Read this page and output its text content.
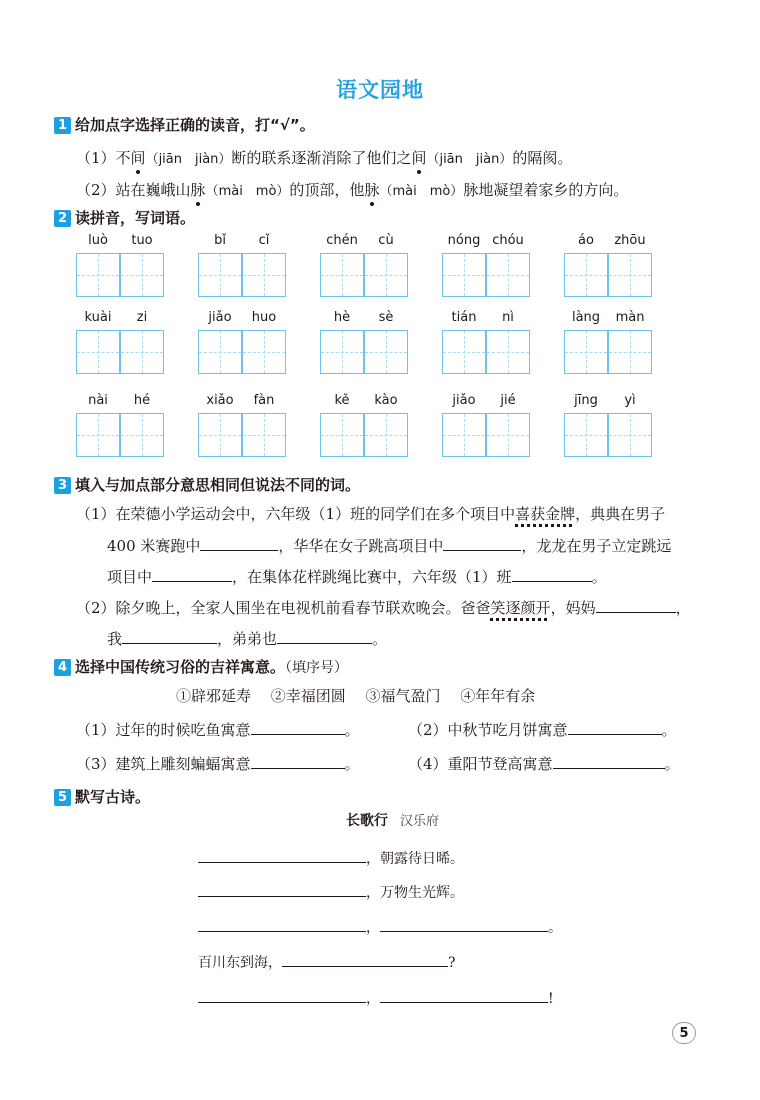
语文园地
1 给加点字选择正确的读音，打“√”。
（1）不间（jiān　jiàn）断的联系逐渐消除了他们之间（jiān　jiàn）的隔阂。
（2）站在巍峨山脉（mài　mò）的顶部，他脉（mài　mò）脉地凝望着家乡的方向。
2 读拼音，写词语。
luò	tuo	bǐ	cǐ	chén	cù	nóng chóu	áo	zhōu
kuài	zi	jiǎo	huo	hè	sè	tián	nì	làng	màn
nài	hé	xiǎo	fàn	kě	kào	jiǎo	jié	jīng	yì
3 填入与加点部分意思相同但说法不同的词。
（1）在荣德小学运动会中，六年级（1）班的同学们在多个项目中喜获金牌，典典在男子
400 米赛跑中	，华华在女子跳高项目中	，龙龙在男子立定跳远
项目中	，在集体花样跳绳比赛中，六年级（1）班	。
（2）除夕晚上，全家人围坐在电视机前看春节联欢晚会。爸爸笑逐颜开，妈妈	，
我	，弟弟也	。
4 选择中国传统习俗的吉祥寓意。（填序号）
①辟邪延寿　 ②幸福团圆　 ③福气盈门　 ④年年有余
（1）过年的时候吃鱼寓意	。	（2）中秋节吃月饼寓意	。
（3）建筑上雕刻蝙蝠寓意	。	（4）重阳节登高寓意	。
5 默写古诗。
长歌行 汉乐府
，朝露待日晞。
，万物生光辉。
，	。
百川东到海，	?
，	!
5
